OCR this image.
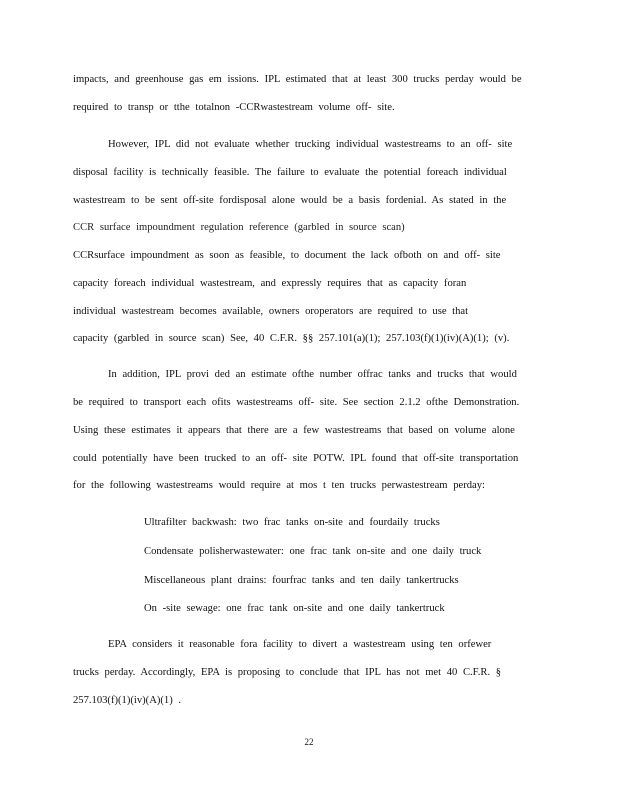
impacts, and greenhouse gas em issions. IPL estimated that at least 300 trucks perday would be
required to transp or tthe totalnon -CCRwastestream volume off- site.
However, IPL did not evaluate whether trucking individual wastestreams to an off- site
disposal facility is technically feasible. The failure to evaluate the potential foreach individual
wastestream to be sent off-site fordisposal alone would be a basis fordenial. As stated in the
CCR surface impoundment regulation reference (garbled in source scan)
CCRsurface impoundment as soon as feasible, to document the lack ofboth on and off- site
capacity foreach individual wastestream, and expressly requires that as capacity foran
individual wastestream becomes available, owners oroperators are required to use that
capacity (garbled in source scan) See, 40 C.F.R. §§ 257.101(a)(1); 257.103(f)(1)(iv)(A)(1); (v).
In addition, IPL provi ded an estimate ofthe number offrac tanks and trucks that would
be required to transport each ofits wastestreams off- site. See section 2.1.2 ofthe Demonstration.
Using these estimates it appears that there are a few wastestreams that based on volume alone
could potentially have been trucked to an off- site POTW. IPL found that off-site transportation
for the following wastestreams would require at mos t ten trucks perwastestream perday:
Ultrafilter backwash: two frac tanks on-site and fourdaily trucks
Condensate polisherwastewater: one frac tank on-site and one daily truck
Miscellaneous plant drains: fourfrac tanks and ten daily tankertrucks
On -site sewage: one frac tank on-site and one daily tankertruck
EPA considers it reasonable fora facility to divert a wastestream using ten orfewer
trucks perday. Accordingly, EPA is proposing to conclude that IPL has not met 40 C.F.R. §
257.103(f)(1)(iv)(A)(1) .
22
